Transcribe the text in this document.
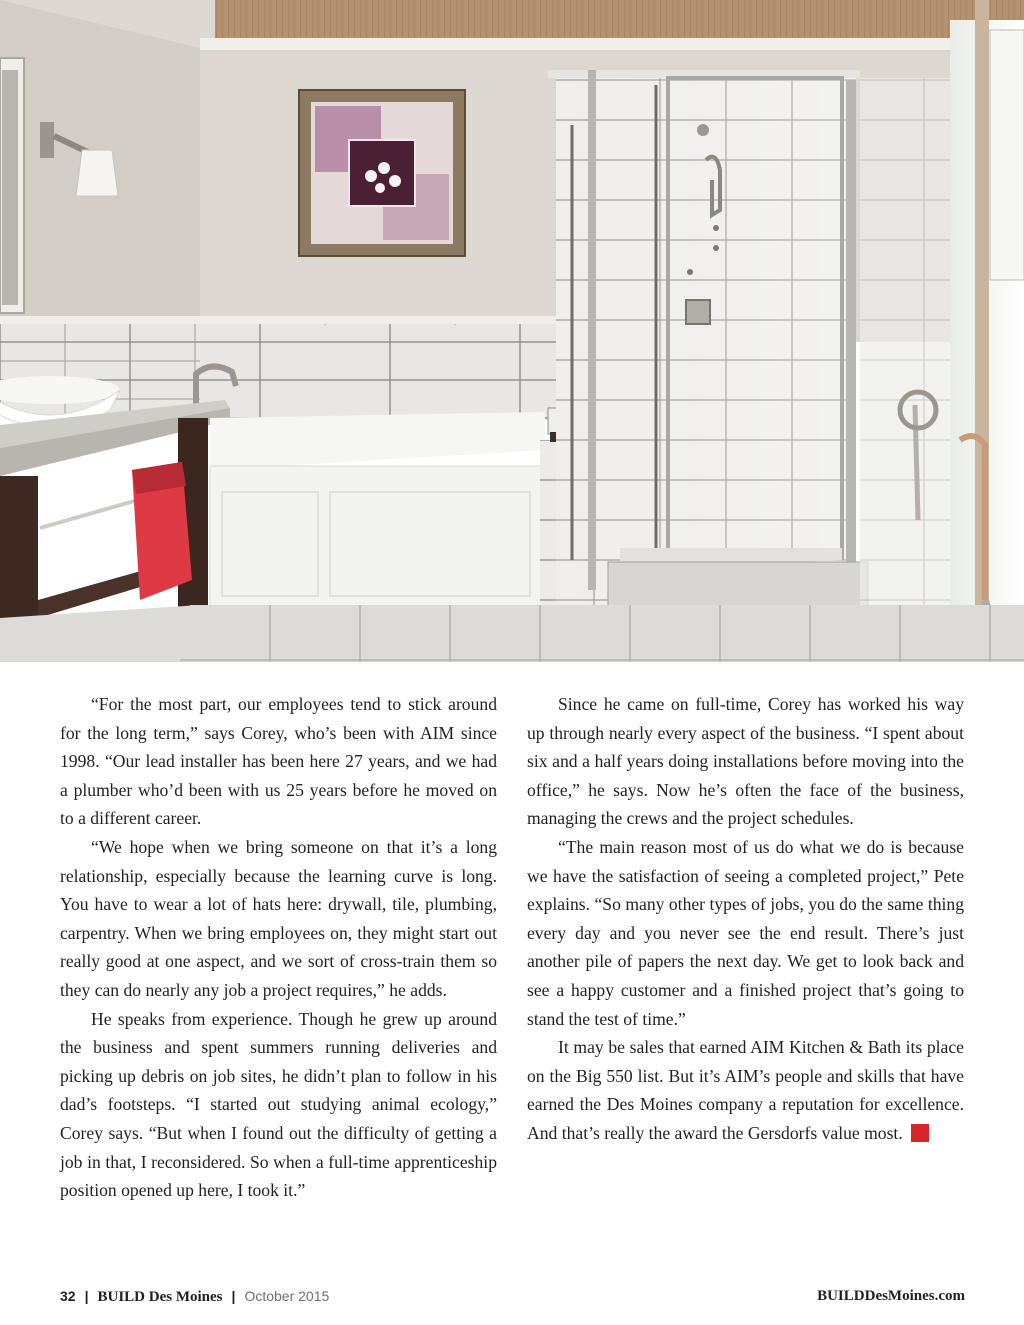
“For the most part, our employees tend to stick around for the long term,” says Corey, who’s been with AIM since 1998. “Our lead installer has been here 27 years, and we had a plumber who’d been with us 25 years before he moved on to a different career.

“We hope when we bring someone on that it’s a long relationship, especially because the learning curve is long. You have to wear a lot of hats here: drywall, tile, plumbing, carpentry. When we bring employees on, they might start out really good at one aspect, and we sort of cross-train them so they can do nearly any job a project requires,” he adds.

He speaks from experience. Though he grew up around the business and spent summers running deliveries and picking up debris on job sites, he didn’t plan to follow in his dad’s footsteps. “I started out studying animal ecology,” Corey says. “But when I found out the difficulty of getting a job in that, I reconsidered. So when a full-time apprenticeship position opened up here, I took it.”

Since he came on full-time, Corey has worked his way up through nearly every aspect of the business. “I spent about six and a half years doing installations before moving into the office,” he says. Now he’s often the face of the business, managing the crews and the project schedules.

“The main reason most of us do what we do is because we have the satisfaction of seeing a completed project,” Pete explains. “So many other types of jobs, you do the same thing every day and you never see the end result. There’s just another pile of papers the next day. We get to look back and see a happy customer and a finished project that’s going to stand the test of time.”

It may be sales that earned AIM Kitchen & Bath its place on the Big 550 list. But it’s AIM’s people and skills that have earned the Des Moines company a reputation for excellence. And that’s really the award the Gersdorfs value most.	B

32 | BUILD Des Moines | October 2015	BUILDDesMoines.com
